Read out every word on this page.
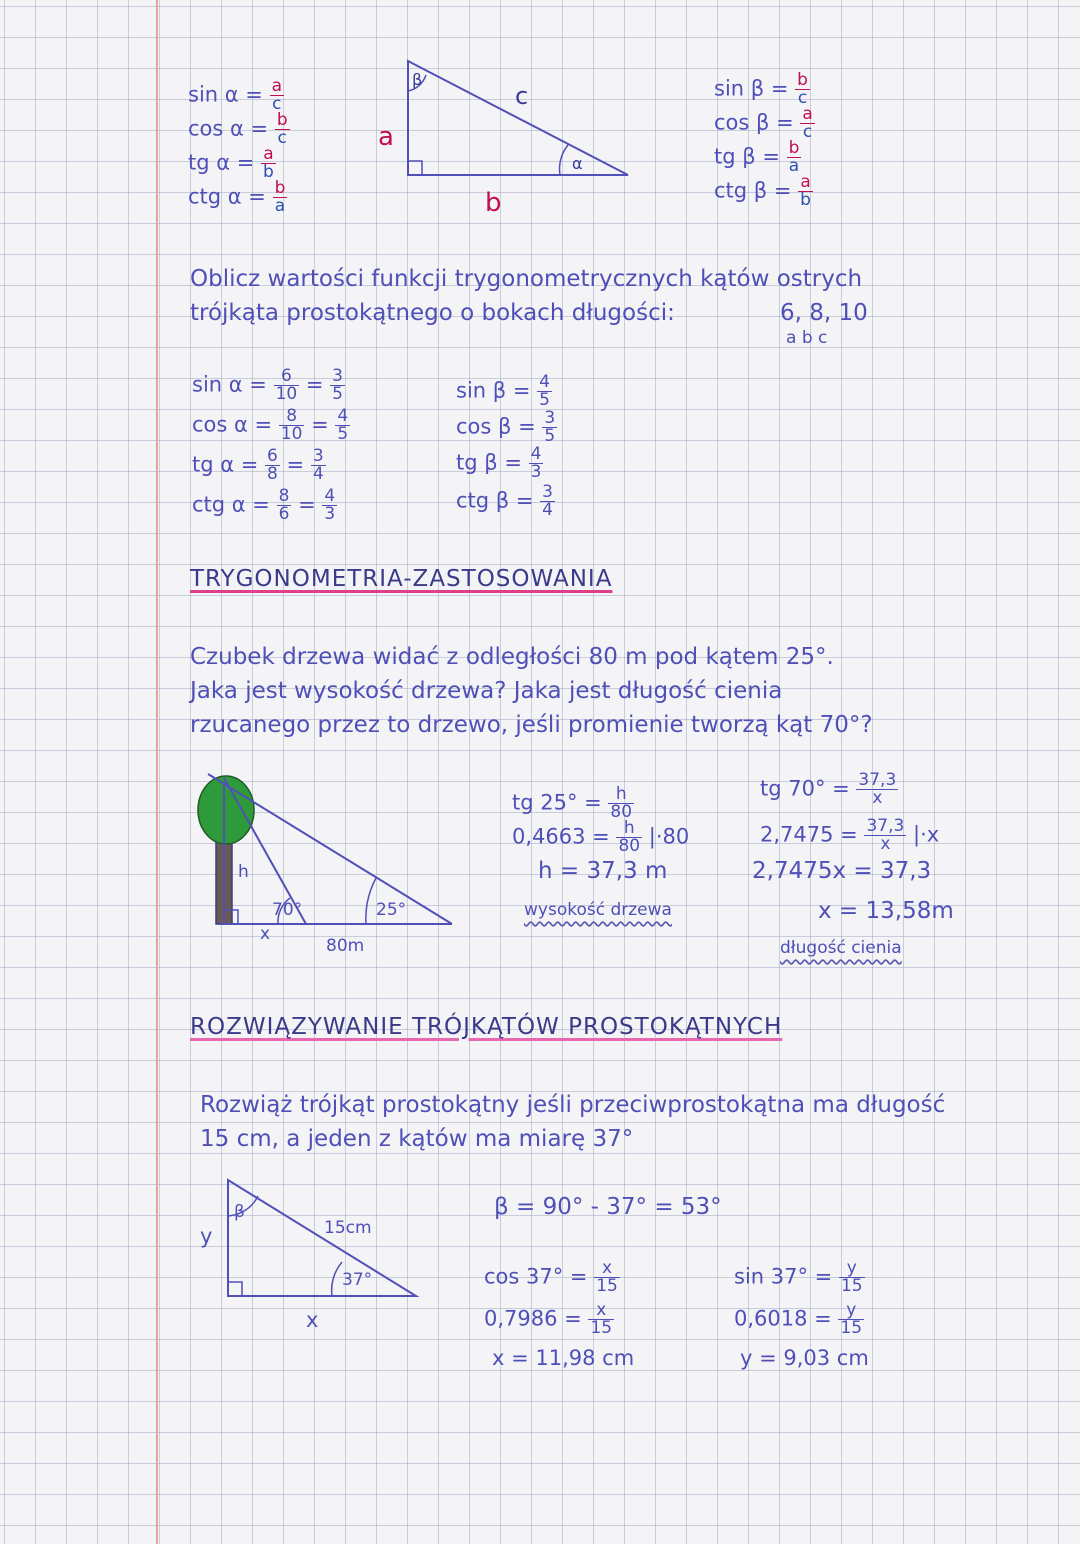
$\sin \alpha = \frac{a}{c}$
$\cos \alpha = \frac{b}{c}$
tg $\alpha = \frac{a}{b}$
ctg $\alpha = \frac{b}{a}$
β
α
a
c
b
$\sin \beta = \frac{b}{c}$
$\cos \beta = \frac{a}{c}$
tg $\beta = \frac{b}{a}$
ctg $\beta = \frac{a}{b}$
Oblicz wartości funkcji trygonometrycznych kątów ostrych
trójkąta prostokątnego o bokach długości:	6, 8, 10
a b c
$\sin \alpha = \frac{6}{10} = \frac{3}{5}$
$\cos \alpha = \frac{8}{10} = \frac{4}{5}$
tg $\alpha = \frac{6}{8} = \frac{3}{4}$
ctg $\alpha = \frac{8}{6} = \frac{4}{3}$
$\sin \beta = \frac{4}{5}$
$\cos \beta = \frac{3}{5}$
tg $\beta = \frac{4}{3}$
ctg $\beta = \frac{3}{4}$
TRYGONOMETRIA-ZASTOSOWANIA
Czubek drzewa widać z odległości 80 m pod kątem 25°.
Jaka jest wysokość drzewa? Jaka jest długość cienia
rzucanego przez to drzewo, jeśli promienie tworzą kąt 70°?
h
70°	25°
x
80m
tg $25^\circ = \frac{h}{80}$
$0,4663 = \frac{h}{80} |\cdot 80$
h = 37,3 m
wysokość drzewa
tg $70^\circ = \frac{37,3}{x}$
$2,7475 = \frac{37,3}{x} |\cdot x$
2,7475x = 37,3
x = 13,58m
długość cienia
ROZWIĄZYWANIE TRÓJKĄTÓW PROSTOKĄTNYCH
Rozwiąż trójkąt prostokątny jeśli przeciwprostokątna ma długość
15 cm, a jeden z kątów ma miarę 37°
β
y	15cm
37°
x
β = 90° - 37° = 53°
$\cos 37^\circ = \frac{x}{15}$
$0,7986 = \frac{x}{15}$
x = 11,98 cm
$\sin 37^\circ = \frac{y}{15}$
$0,6018 = \frac{y}{15}$
y = 9,03 cm
